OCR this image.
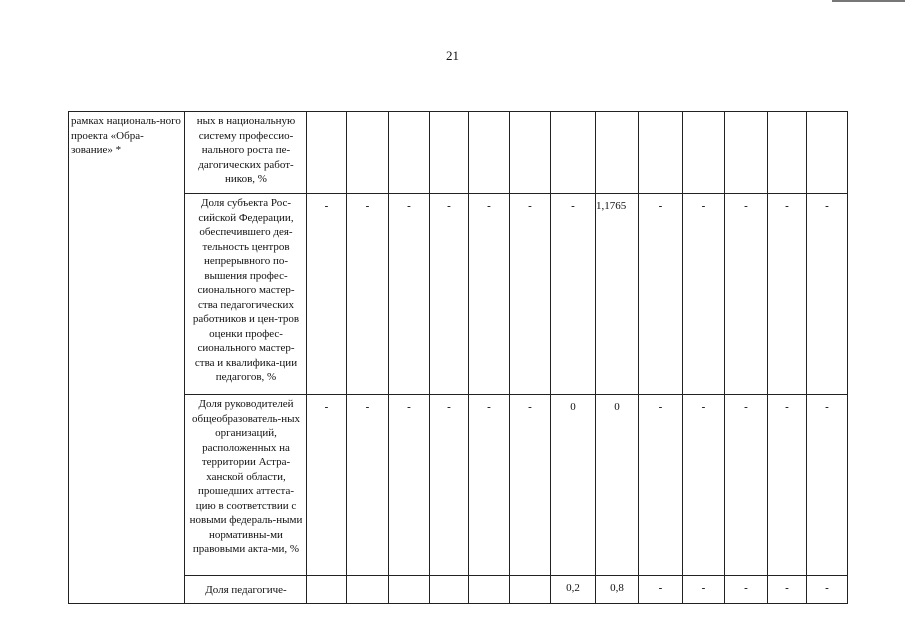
21
рамках националь-ного проекта «Обра-зование» *	ных в национальную систему профессио-нального роста пе-дагогических работ-ников, %													
	Доля субъекта Рос-сийской Федерации, обеспечившего дея-тельность центров непрерывного по-вышения профес-сионального мастер-ства педагогических работников и цен-тров оценки профес-сионального мастер-ства и квалифика-ции педагогов, %	-	-	-	-	-	-	-	1,1765	-	-	-	-	-
	Доля руководителей общеобразователь-ных организаций, расположенных на территории Астра-ханской области, прошедших аттеста-цию в соответствии с новыми федераль-ными нормативны-ми правовыми акта-ми, %	-	-	-	-	-	-	0	0	-	-	-	-	-
	Доля педагогиче-							0,2	0,8	-	-	-	-	-
